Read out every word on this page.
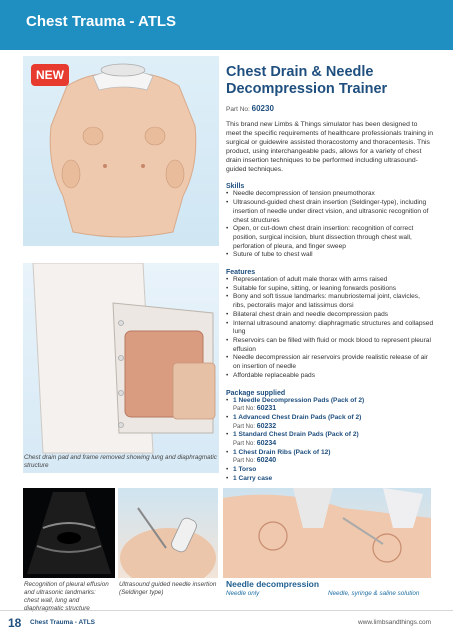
Chest Trauma - ATLS
NEW
Chest drain pad and frame removed showing lung and diaphragmatic structure
Recognition of pleural effusion and ultrasonic landmarks: chest wall, lung and diaphragmatic structure
Ultrasound guided needle insertion (Seldinger type)
Needle decompression
Needle only	Needle, syringe & saline solution
Chest Drain & Needle
Decompression Trainer
Part No: 60230

This brand new Limbs & Things simulator has been designed to meet the specific requirements of healthcare professionals training in surgical or guidewire assisted thoracostomy and thoracentesis. This product, using interchangeable pads, allows for a variety of chest drain insertion techniques to be performed including ultrasound-guided techniques.

Skills
• Needle decompression of tension pneumothorax
• Ultrasound-guided chest drain insertion (Seldinger-type), including insertion of needle under direct vision, and ultrasonic recognition of chest structures
• Open, or cut-down chest drain insertion: recognition of correct position, surgical incision, blunt dissection through chest wall, perforation of pleura, and finger sweep
• Suture of tube to chest wall
Features
• Representation of adult male thorax with arms raised
• Suitable for supine, sitting, or leaning forwards positions
• Bony and soft tissue landmarks: manubriosternal joint, clavicles, ribs, pectoralis major and latissimus dorsi
• Bilateral chest drain and needle decompression pads
• Internal ultrasound anatomy: diaphragmatic structures and collapsed lung
• Reservoirs can be filled with fluid or mock blood to represent pleural effusion
• Needle decompression air reservoirs provide realistic release of air on insertion of needle
• Affordable replaceable pads
Package supplied
• 1 Needle Decompression Pads (Pack of 2)
Part No: 60231
• 1 Advanced Chest Drain Pads (Pack of 2)
Part No: 60232
• 1 Standard Chest Drain Pads (Pack of 2)
Part No: 60234
• 1 Chest Drain Ribs (Pack of 12)
Part No: 60240
• 1 Torso
• 1 Carry case
18 Chest Trauma - ATLS	www.limbsandthings.com
